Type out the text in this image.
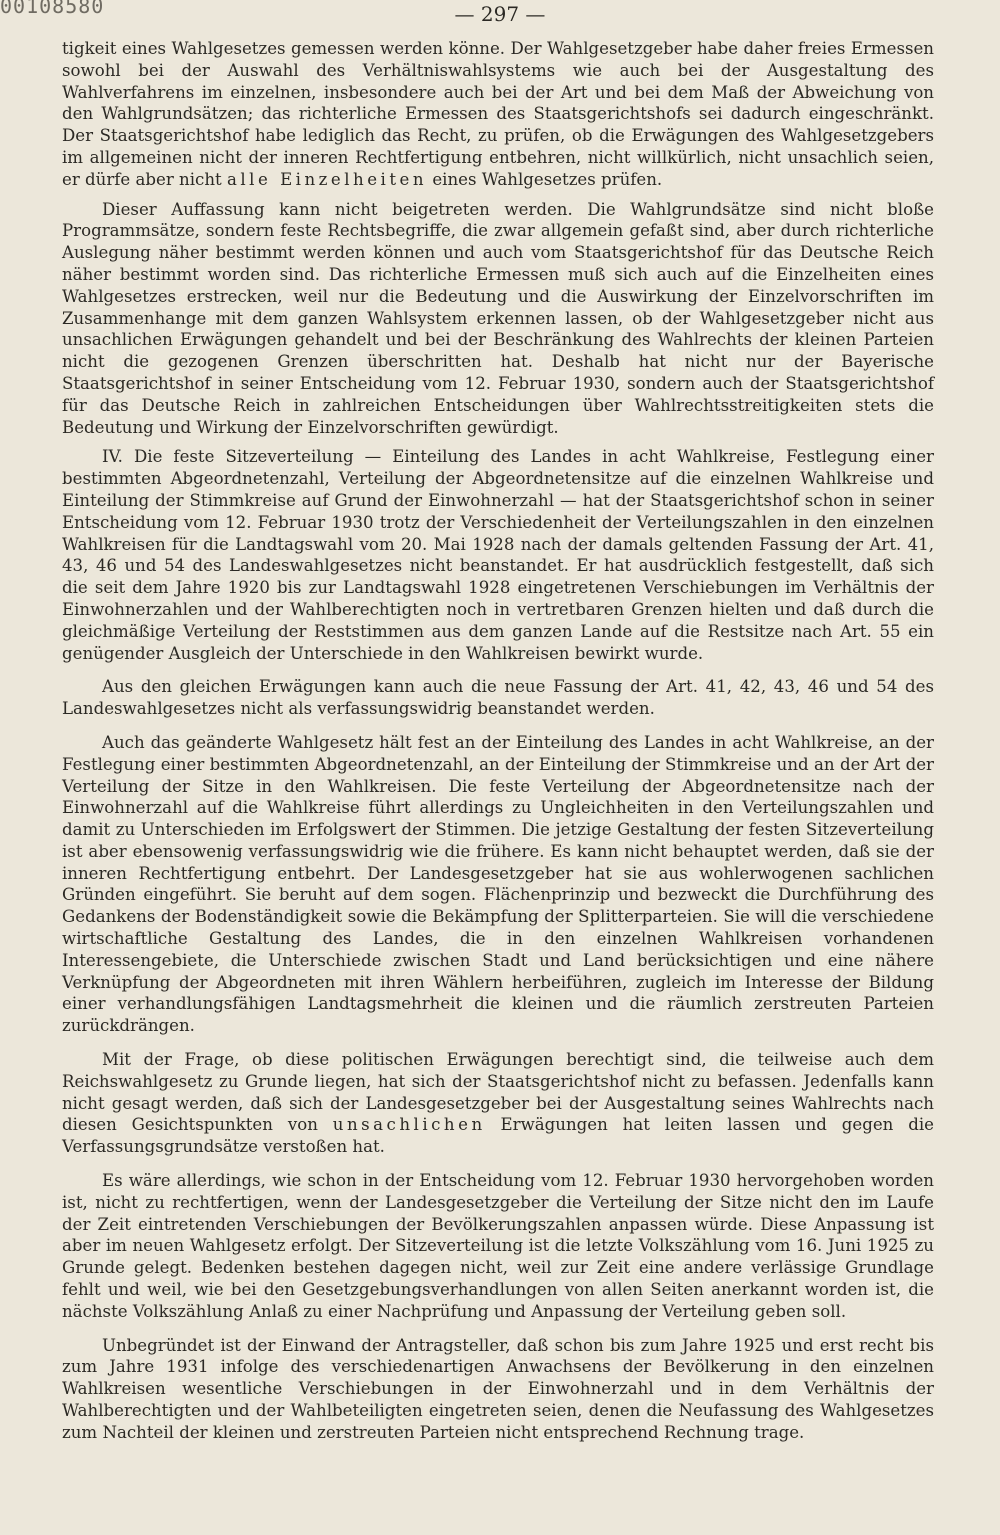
00108580	— 297 —

tigkeit eines Wahlgesetzes gemessen werden könne. Der Wahlgesetzgeber habe daher freies Ermessen sowohl bei der Auswahl des Verhältniswahlsystems wie auch bei der Ausgestaltung des Wahlverfahrens im einzelnen, insbesondere auch bei der Art und bei dem Maß der Abweichung von den Wahlgrundsätzen; das richterliche Ermessen des Staatsgerichtshofs sei dadurch eingeschränkt. Der Staatsgerichtshof habe lediglich das Recht, zu prüfen, ob die Erwägungen des Wahlgesetzgebers im allgemeinen nicht der inneren Rechtfertigung entbehren, nicht willkürlich, nicht unsachlich seien, er dürfe aber nicht alle Einzelheiten eines Wahlgesetzes prüfen.

Dieser Auffassung kann nicht beigetreten werden. Die Wahlgrundsätze sind nicht bloße Programmsätze, sondern feste Rechtsbegriffe, die zwar allgemein gefaßt sind, aber durch richterliche Auslegung näher bestimmt werden können und auch vom Staatsgerichtshof für das Deutsche Reich näher bestimmt worden sind. Das richterliche Ermessen muß sich auch auf die Einzelheiten eines Wahlgesetzes erstrecken, weil nur die Bedeutung und die Auswirkung der Einzelvorschriften im Zusammenhange mit dem ganzen Wahlsystem erkennen lassen, ob der Wahlgesetzgeber nicht aus unsachlichen Erwägungen gehandelt und bei der Beschränkung des Wahlrechts der kleinen Parteien nicht die gezogenen Grenzen überschritten hat. Deshalb hat nicht nur der Bayerische Staatsgerichtshof in seiner Entscheidung vom 12. Februar 1930, sondern auch der Staatsgerichtshof für das Deutsche Reich in zahlreichen Entscheidungen über Wahlrechtsstreitigkeiten stets die Bedeutung und Wirkung der Einzelvorschriften gewürdigt.

IV. Die feste Sitzeverteilung — Einteilung des Landes in acht Wahlkreise, Festlegung einer bestimmten Abgeordnetenzahl, Verteilung der Abgeordnetensitze auf die einzelnen Wahlkreise und Einteilung der Stimmkreise auf Grund der Einwohnerzahl — hat der Staatsgerichtshof schon in seiner Entscheidung vom 12. Februar 1930 trotz der Verschiedenheit der Verteilungszahlen in den einzelnen Wahlkreisen für die Landtagswahl vom 20. Mai 1928 nach der damals geltenden Fassung der Art. 41, 43, 46 und 54 des Landeswahlgesetzes nicht beanstandet. Er hat ausdrücklich festgestellt, daß sich die seit dem Jahre 1920 bis zur Landtagswahl 1928 eingetretenen Verschiebungen im Verhältnis der Einwohnerzahlen und der Wahlberechtigten noch in vertretbaren Grenzen hielten und daß durch die gleichmäßige Verteilung der Reststimmen aus dem ganzen Lande auf die Restsitze nach Art. 55 ein genügender Ausgleich der Unterschiede in den Wahlkreisen bewirkt wurde.

Aus den gleichen Erwägungen kann auch die neue Fassung der Art. 41, 42, 43, 46 und 54 des Landeswahlgesetzes nicht als verfassungswidrig beanstandet werden.

Auch das geänderte Wahlgesetz hält fest an der Einteilung des Landes in acht Wahlkreise, an der Festlegung einer bestimmten Abgeordnetenzahl, an der Einteilung der Stimmkreise und an der Art der Verteilung der Sitze in den Wahlkreisen. Die feste Verteilung der Abgeordnetensitze nach der Einwohnerzahl auf die Wahlkreise führt allerdings zu Ungleichheiten in den Verteilungszahlen und damit zu Unterschieden im Erfolgswert der Stimmen. Die jetzige Gestaltung der festen Sitzeverteilung ist aber ebensowenig verfassungswidrig wie die frühere. Es kann nicht behauptet werden, daß sie der inneren Rechtfertigung entbehrt. Der Landesgesetzgeber hat sie aus wohlerwogenen sachlichen Gründen eingeführt. Sie beruht auf dem sogen. Flächenprinzip und bezweckt die Durchführung des Gedankens der Bodenständigkeit sowie die Bekämpfung der Splitterparteien. Sie will die verschiedene wirtschaftliche Gestaltung des Landes, die in den einzelnen Wahlkreisen vorhandenen Interessengebiete, die Unterschiede zwischen Stadt und Land berücksichtigen und eine nähere Verknüpfung der Abgeordneten mit ihren Wählern herbeiführen, zugleich im Interesse der Bildung einer verhandlungsfähigen Landtagsmehrheit die kleinen und die räumlich zerstreuten Parteien zurückdrängen.

Mit der Frage, ob diese politischen Erwägungen berechtigt sind, die teilweise auch dem Reichswahlgesetz zu Grunde liegen, hat sich der Staatsgerichtshof nicht zu befassen. Jedenfalls kann nicht gesagt werden, daß sich der Landesgesetzgeber bei der Ausgestaltung seines Wahlrechts nach diesen Gesichtspunkten von unsachlichen Erwägungen hat leiten lassen und gegen die Verfassungsgrundsätze verstoßen hat.

Es wäre allerdings, wie schon in der Entscheidung vom 12. Februar 1930 hervorgehoben worden ist, nicht zu rechtfertigen, wenn der Landesgesetzgeber die Verteilung der Sitze nicht den im Laufe der Zeit eintretenden Verschiebungen der Bevölkerungszahlen anpassen würde. Diese Anpassung ist aber im neuen Wahlgesetz erfolgt. Der Sitzeverteilung ist die letzte Volkszählung vom 16. Juni 1925 zu Grunde gelegt. Bedenken bestehen dagegen nicht, weil zur Zeit eine andere verlässige Grundlage fehlt und weil, wie bei den Gesetzgebungsverhandlungen von allen Seiten anerkannt worden ist, die nächste Volkszählung Anlaß zu einer Nachprüfung und Anpassung der Verteilung geben soll.

Unbegründet ist der Einwand der Antragsteller, daß schon bis zum Jahre 1925 und erst recht bis zum Jahre 1931 infolge des verschiedenartigen Anwachsens der Bevölkerung in den einzelnen Wahlkreisen wesentliche Verschiebungen in der Einwohnerzahl und in dem Verhältnis der Wahlberechtigten und der Wahlbeteiligten eingetreten seien, denen die Neufassung des Wahlgesetzes zum Nachteil der kleinen und zerstreuten Parteien nicht entsprechend Rechnung trage.
